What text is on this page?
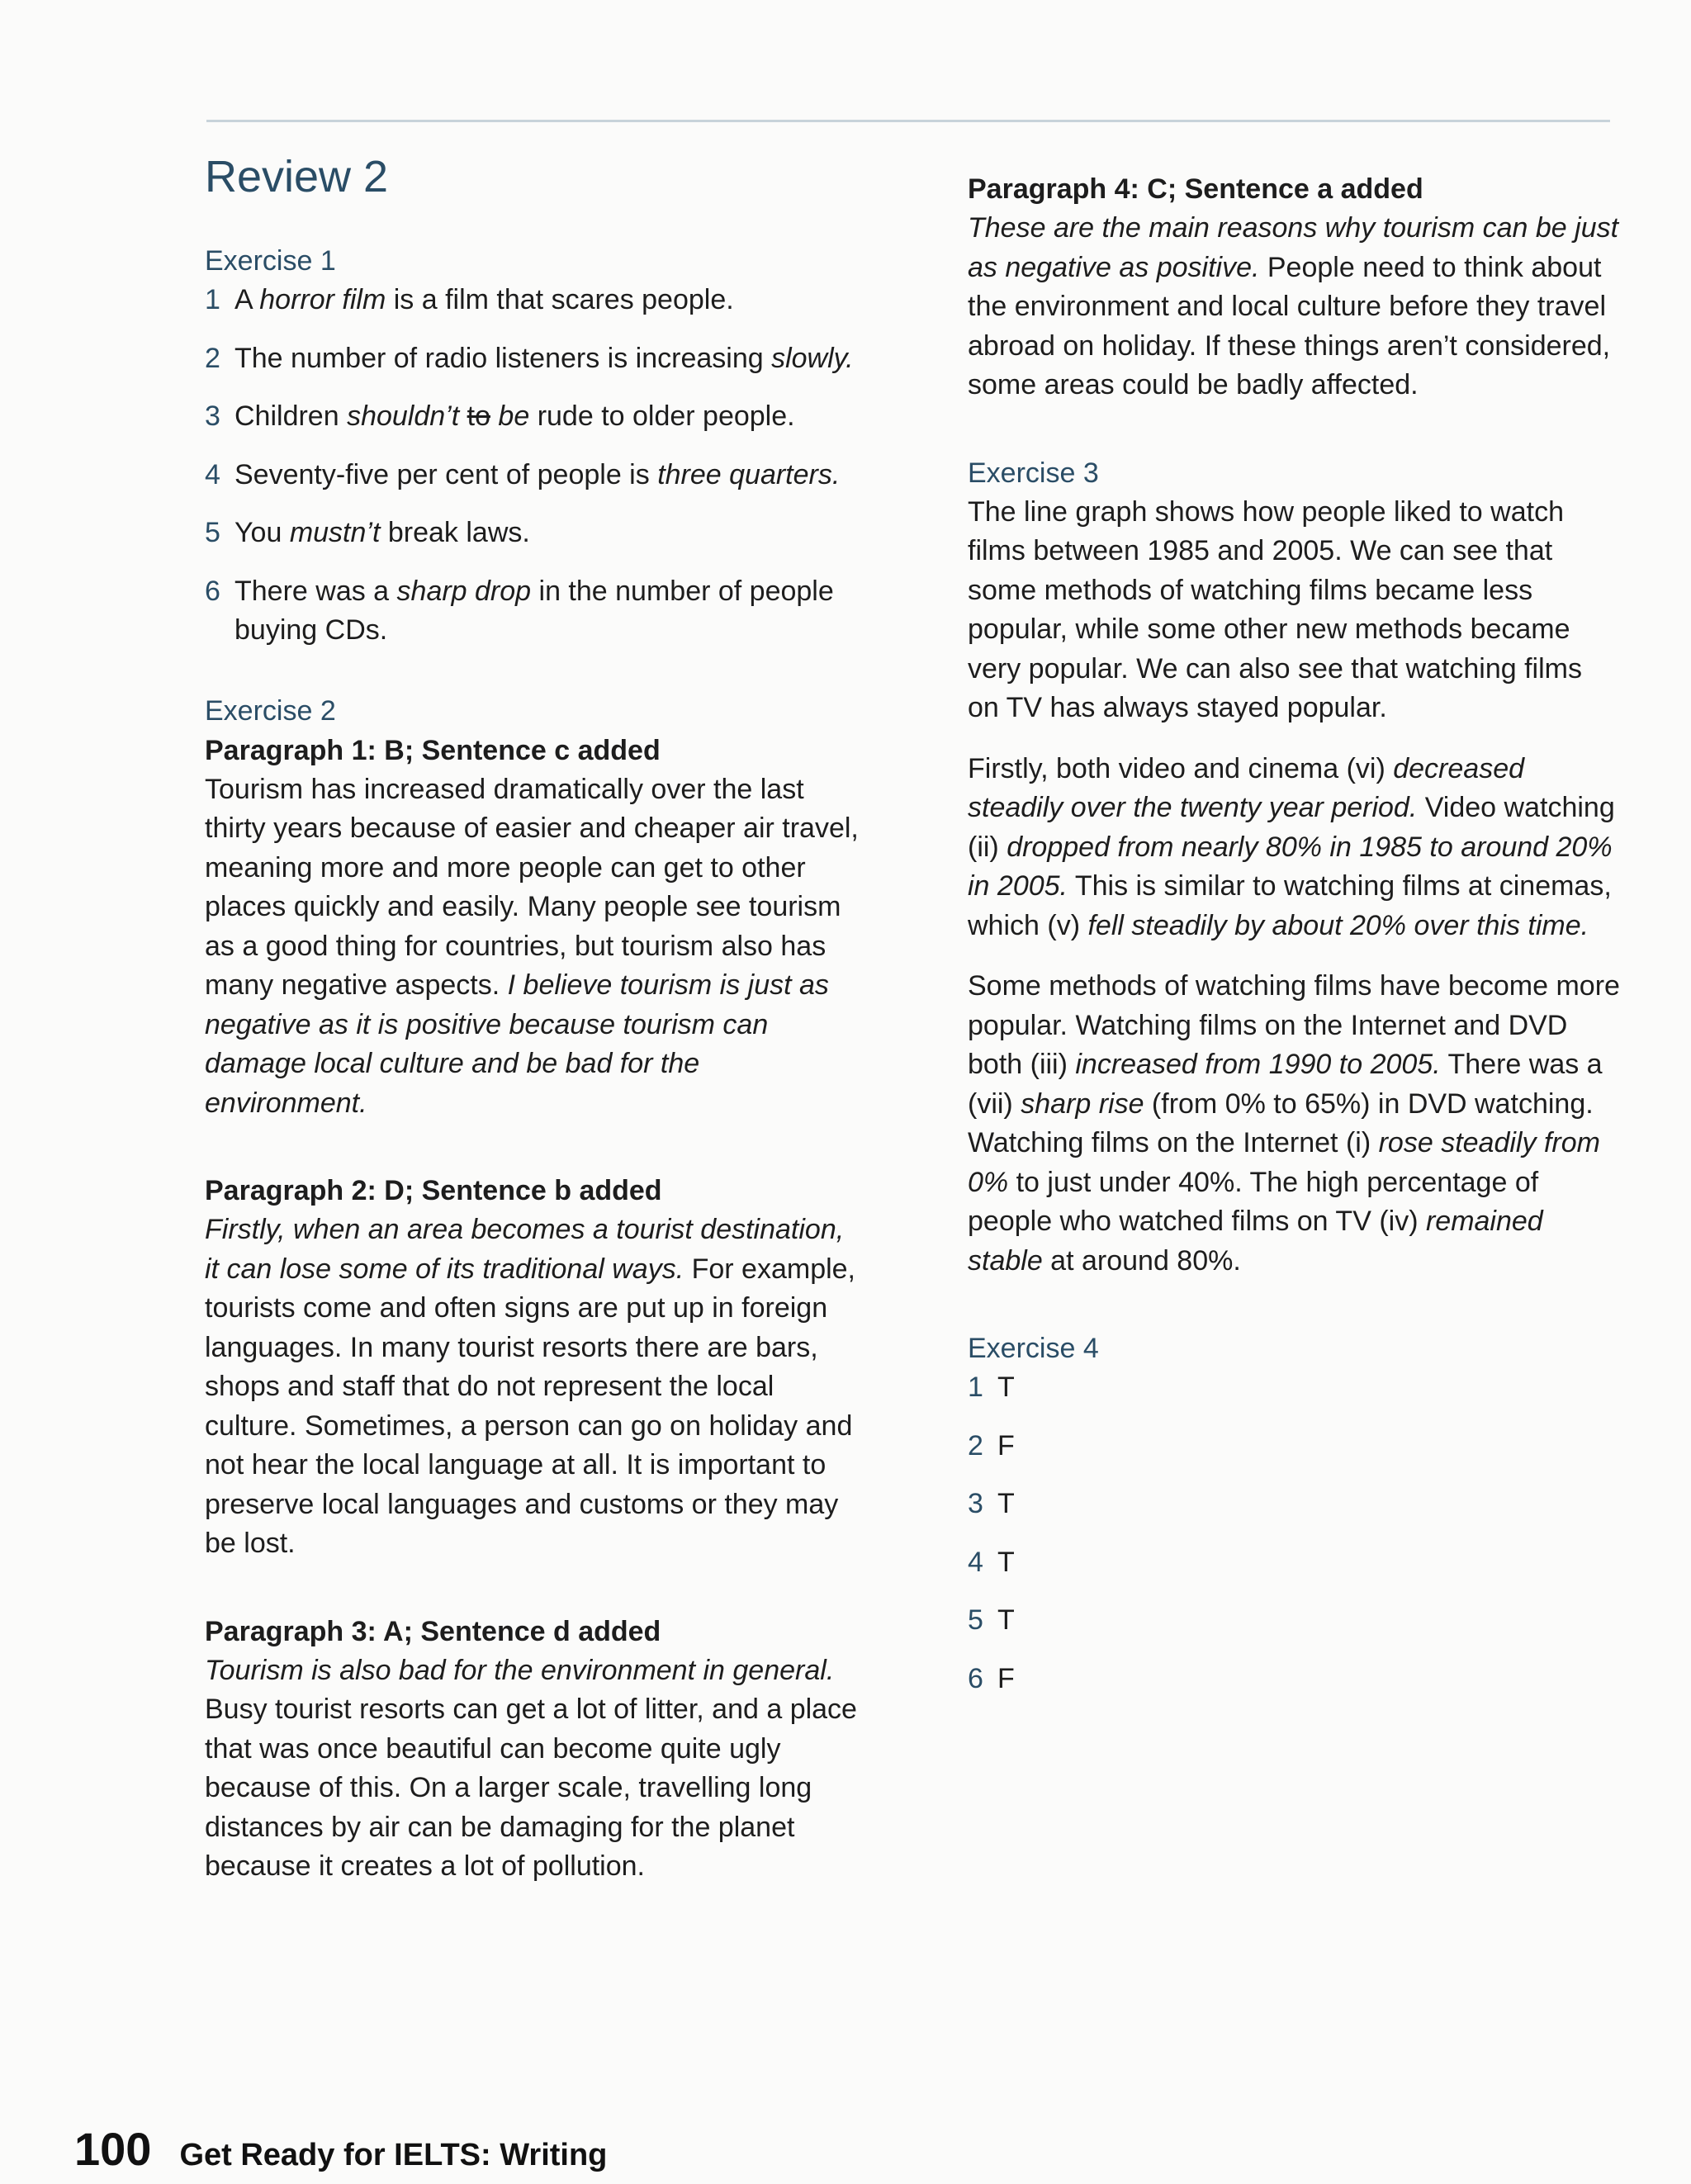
Review 2

Exercise 1

1 A horror film is a film that scares people.
2 The number of radio listeners is increasing slowly.
3 Children shouldn’t to be rude to older people.
4 Seventy-five per cent of people is three quarters.
5 You mustn’t break laws.
6 There was a sharp drop in the number of people buying CDs.

Exercise 2

Paragraph 1: B; Sentence c added

Tourism has increased dramatically over the last thirty years because of easier and cheaper air travel, meaning more and more people can get to other places quickly and easily. Many people see tourism as a good thing for countries, but tourism also has many negative aspects. I believe tourism is just as negative as it is positive because tourism can damage local culture and be bad for the environment.

Paragraph 2: D; Sentence b added

Firstly, when an area becomes a tourist destination, it can lose some of its traditional ways. For example, tourists come and often signs are put up in foreign languages. In many tourist resorts there are bars, shops and staff that do not represent the local culture. Sometimes, a person can go on holiday and not hear the local language at all. It is important to preserve local languages and customs or they may be lost.

Paragraph 3: A; Sentence d added

Tourism is also bad for the environment in general. Busy tourist resorts can get a lot of litter, and a place that was once beautiful can become quite ugly because of this. On a larger scale, travelling long distances by air can be damaging for the planet because it creates a lot of pollution.

Paragraph 4: C; Sentence a added

These are the main reasons why tourism can be just as negative as positive. People need to think about the environment and local culture before they travel abroad on holiday. If these things aren’t considered, some areas could be badly affected.

Exercise 3

The line graph shows how people liked to watch films between 1985 and 2005. We can see that some methods of watching films became less popular, while some other new methods became very popular. We can also see that watching films on TV has always stayed popular.

Firstly, both video and cinema (vi) decreased steadily over the twenty year period. Video watching (ii) dropped from nearly 80% in 1985 to around 20% in 2005. This is similar to watching films at cinemas, which (v) fell steadily by about 20% over this time.

Some methods of watching films have become more popular. Watching films on the Internet and DVD both (iii) increased from 1990 to 2005. There was a (vii) sharp rise (from 0% to 65%) in DVD watching. Watching films on the Internet (i) rose steadily from 0% to just under 40%. The high percentage of people who watched films on TV (iv) remained stable at around 80%.

Exercise 4

1 T
2 F
3 T
4 T
5 T
6 F
100 Get Ready for IELTS: Writing
